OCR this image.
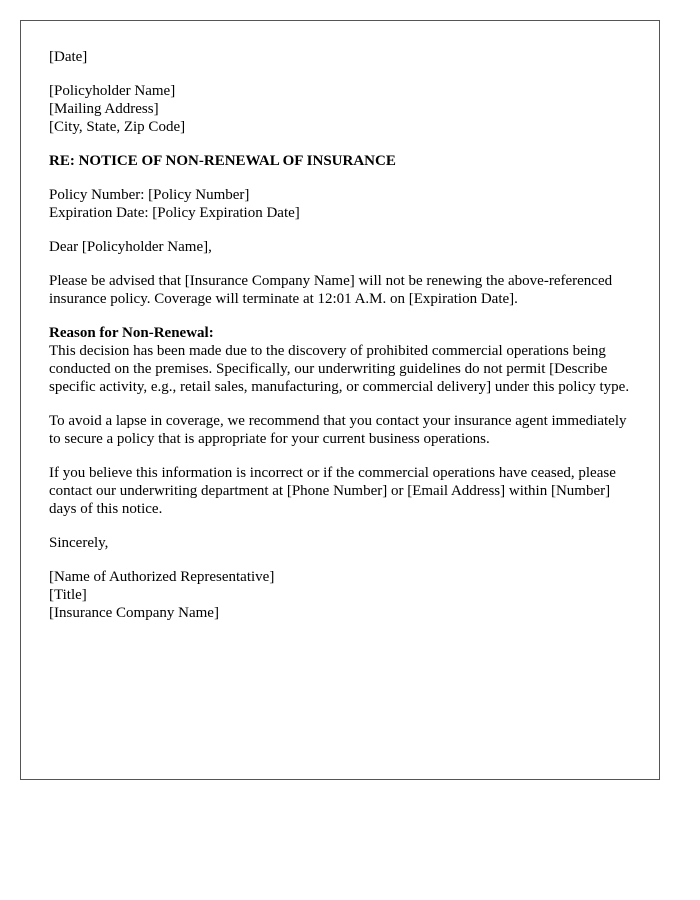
[Date]
[Policyholder Name]
[Mailing Address]
[City, State, Zip Code]
RE: NOTICE OF NON-RENEWAL OF INSURANCE
Policy Number: [Policy Number]
Expiration Date: [Policy Expiration Date]
Dear [Policyholder Name],

Please be advised that [Insurance Company Name] will not be renewing the above-referenced insurance policy. Coverage will terminate at 12:01 A.M. on [Expiration Date].

Reason for Non-Renewal:

This decision has been made due to the discovery of prohibited commercial operations being conducted on the premises. Specifically, our underwriting guidelines do not permit [Describe specific activity, e.g., retail sales, manufacturing, or commercial delivery] under this policy type.

To avoid a lapse in coverage, we recommend that you contact your insurance agent immediately to secure a policy that is appropriate for your current business operations.

If you believe this information is incorrect or if the commercial operations have ceased, please contact our underwriting department at [Phone Number] or [Email Address] within [Number] days of this notice.

Sincerely,
[Name of Authorized Representative]
[Title]
[Insurance Company Name]
